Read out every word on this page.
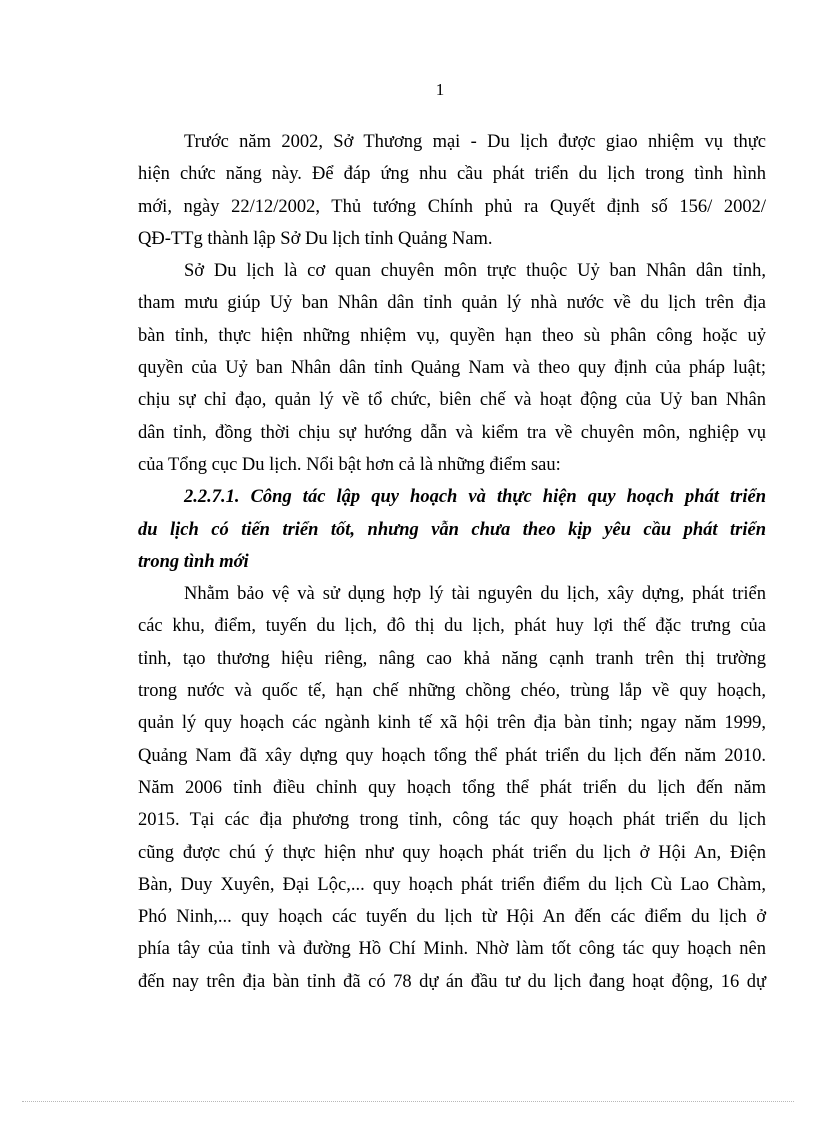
1
Trước năm 2002, Sở Thương mại - Du lịch được giao nhiệm vụ thực
hiện chức năng này. Để đáp ứng nhu cầu phát triển du lịch trong tình hình
mới, ngày 22/12/2002, Thủ tướng Chính phủ ra Quyết định số 156/ 2002/
QĐ-TTg thành lập Sở Du lịch tỉnh Quảng Nam.
Sở Du lịch là cơ quan chuyên môn trực thuộc Uỷ ban Nhân dân tỉnh,
tham mưu giúp Uỷ ban Nhân dân tỉnh quản lý nhà nước về du lịch trên địa
bàn tỉnh, thực hiện những nhiệm vụ, quyền hạn theo sù phân công hoặc uỷ
quyền của Uỷ ban Nhân dân tỉnh Quảng Nam và theo quy định của pháp luật;
chịu sự chỉ đạo, quản lý về tổ chức, biên chế và hoạt động của Uỷ ban Nhân
dân tỉnh, đồng thời chịu sự hướng dẫn và kiểm tra về chuyên môn, nghiệp vụ
của Tổng cục Du lịch. Nổi bật hơn cả là những điểm sau:
2.2.7.1. Công tác lập quy hoạch và thực hiện quy hoạch phát triển
du lịch có tiến triển tốt, nhưng vẫn chưa theo kịp yêu cầu phát triển
trong tình mới
Nhằm bảo vệ và sử dụng hợp lý tài nguyên du lịch, xây dựng, phát triển
các khu, điểm, tuyến du lịch, đô thị du lịch, phát huy lợi thế đặc trưng của
tỉnh, tạo thương hiệu riêng, nâng cao khả năng cạnh tranh trên thị trường
trong nước và quốc tế, hạn chế những chồng chéo, trùng lắp về quy hoạch,
quản lý quy hoạch các ngành kinh tế xã hội trên địa bàn tỉnh; ngay năm 1999,
Quảng Nam đã xây dựng quy hoạch tổng thể phát triển du lịch đến năm 2010.
Năm 2006 tỉnh điều chỉnh quy hoạch tổng thể phát triển du lịch đến năm
2015. Tại các địa phương trong tỉnh, công tác quy hoạch phát triển du lịch
cũng được chú ý thực hiện như quy hoạch phát triển du lịch ở Hội An, Điện
Bàn, Duy Xuyên, Đại Lộc,... quy hoạch phát triển điểm du lịch Cù Lao Chàm,
Phó Ninh,... quy hoạch các tuyến du lịch từ Hội An đến các điểm du lịch ở
phía tây của tỉnh và đường Hồ Chí Minh. Nhờ làm tốt công tác quy hoạch nên
đến nay trên địa bàn tỉnh đã có 78 dự án đầu tư du lịch đang hoạt động, 16 dự
